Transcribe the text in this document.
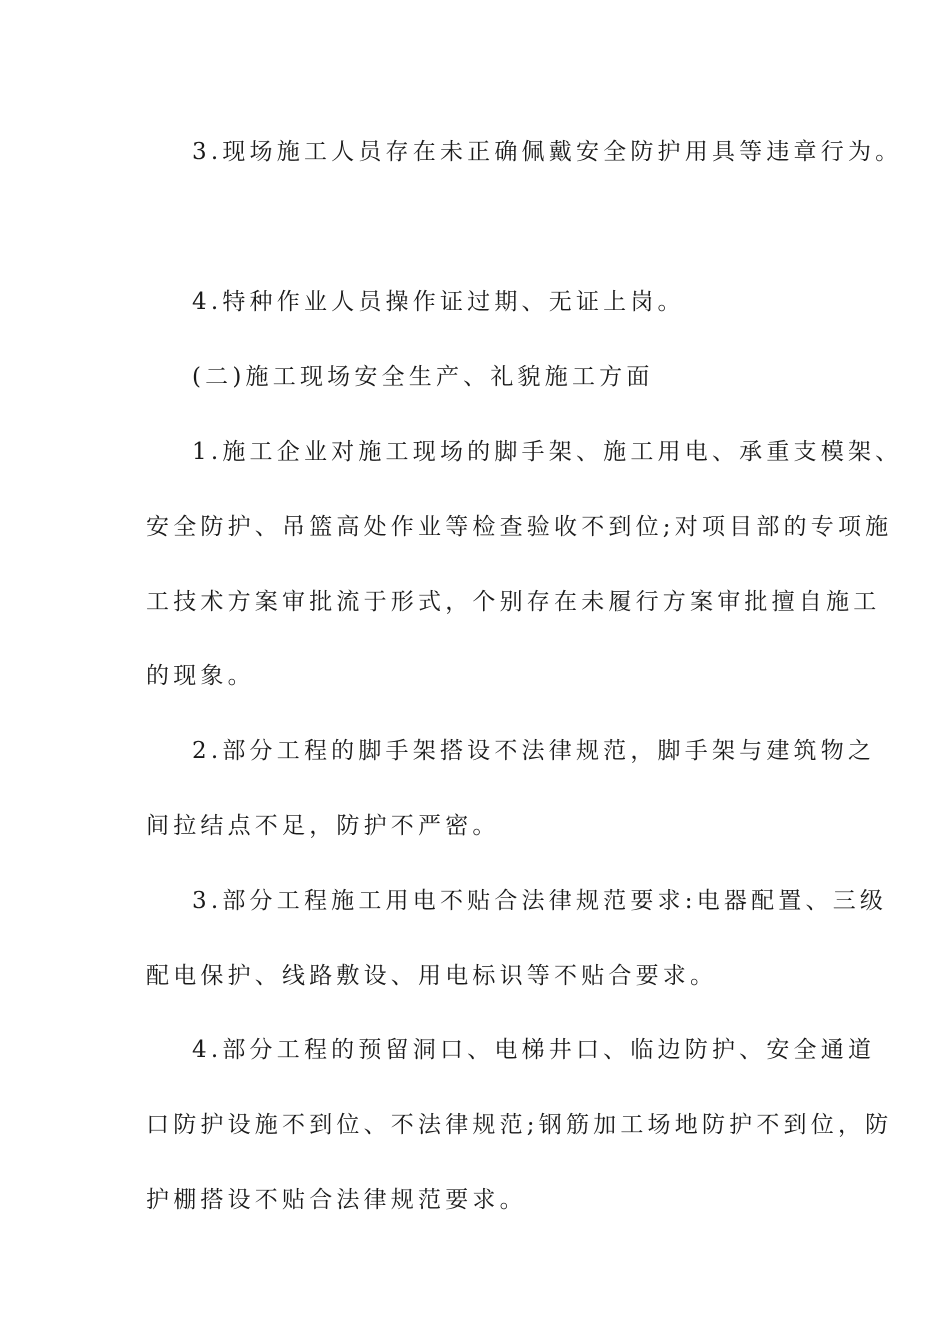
3.现场施工人员存在未正确佩戴安全防护用具等违章行为。
4.特种作业人员操作证过期、无证上岗。
(二)施工现场安全生产、礼貌施工方面
1.施工企业对施工现场的脚手架、施工用电、承重支模架、
安全防护、吊篮高处作业等检查验收不到位;对项目部的专项施
工技术方案审批流于形式，个别存在未履行方案审批擅自施工
的现象。
2.部分工程的脚手架搭设不法律规范，脚手架与建筑物之
间拉结点不足，防护不严密。
3.部分工程施工用电不贴合法律规范要求:电器配置、三级
配电保护、线路敷设、用电标识等不贴合要求。
4.部分工程的预留洞口、电梯井口、临边防护、安全通道
口防护设施不到位、不法律规范;钢筋加工场地防护不到位，防
护棚搭设不贴合法律规范要求。
